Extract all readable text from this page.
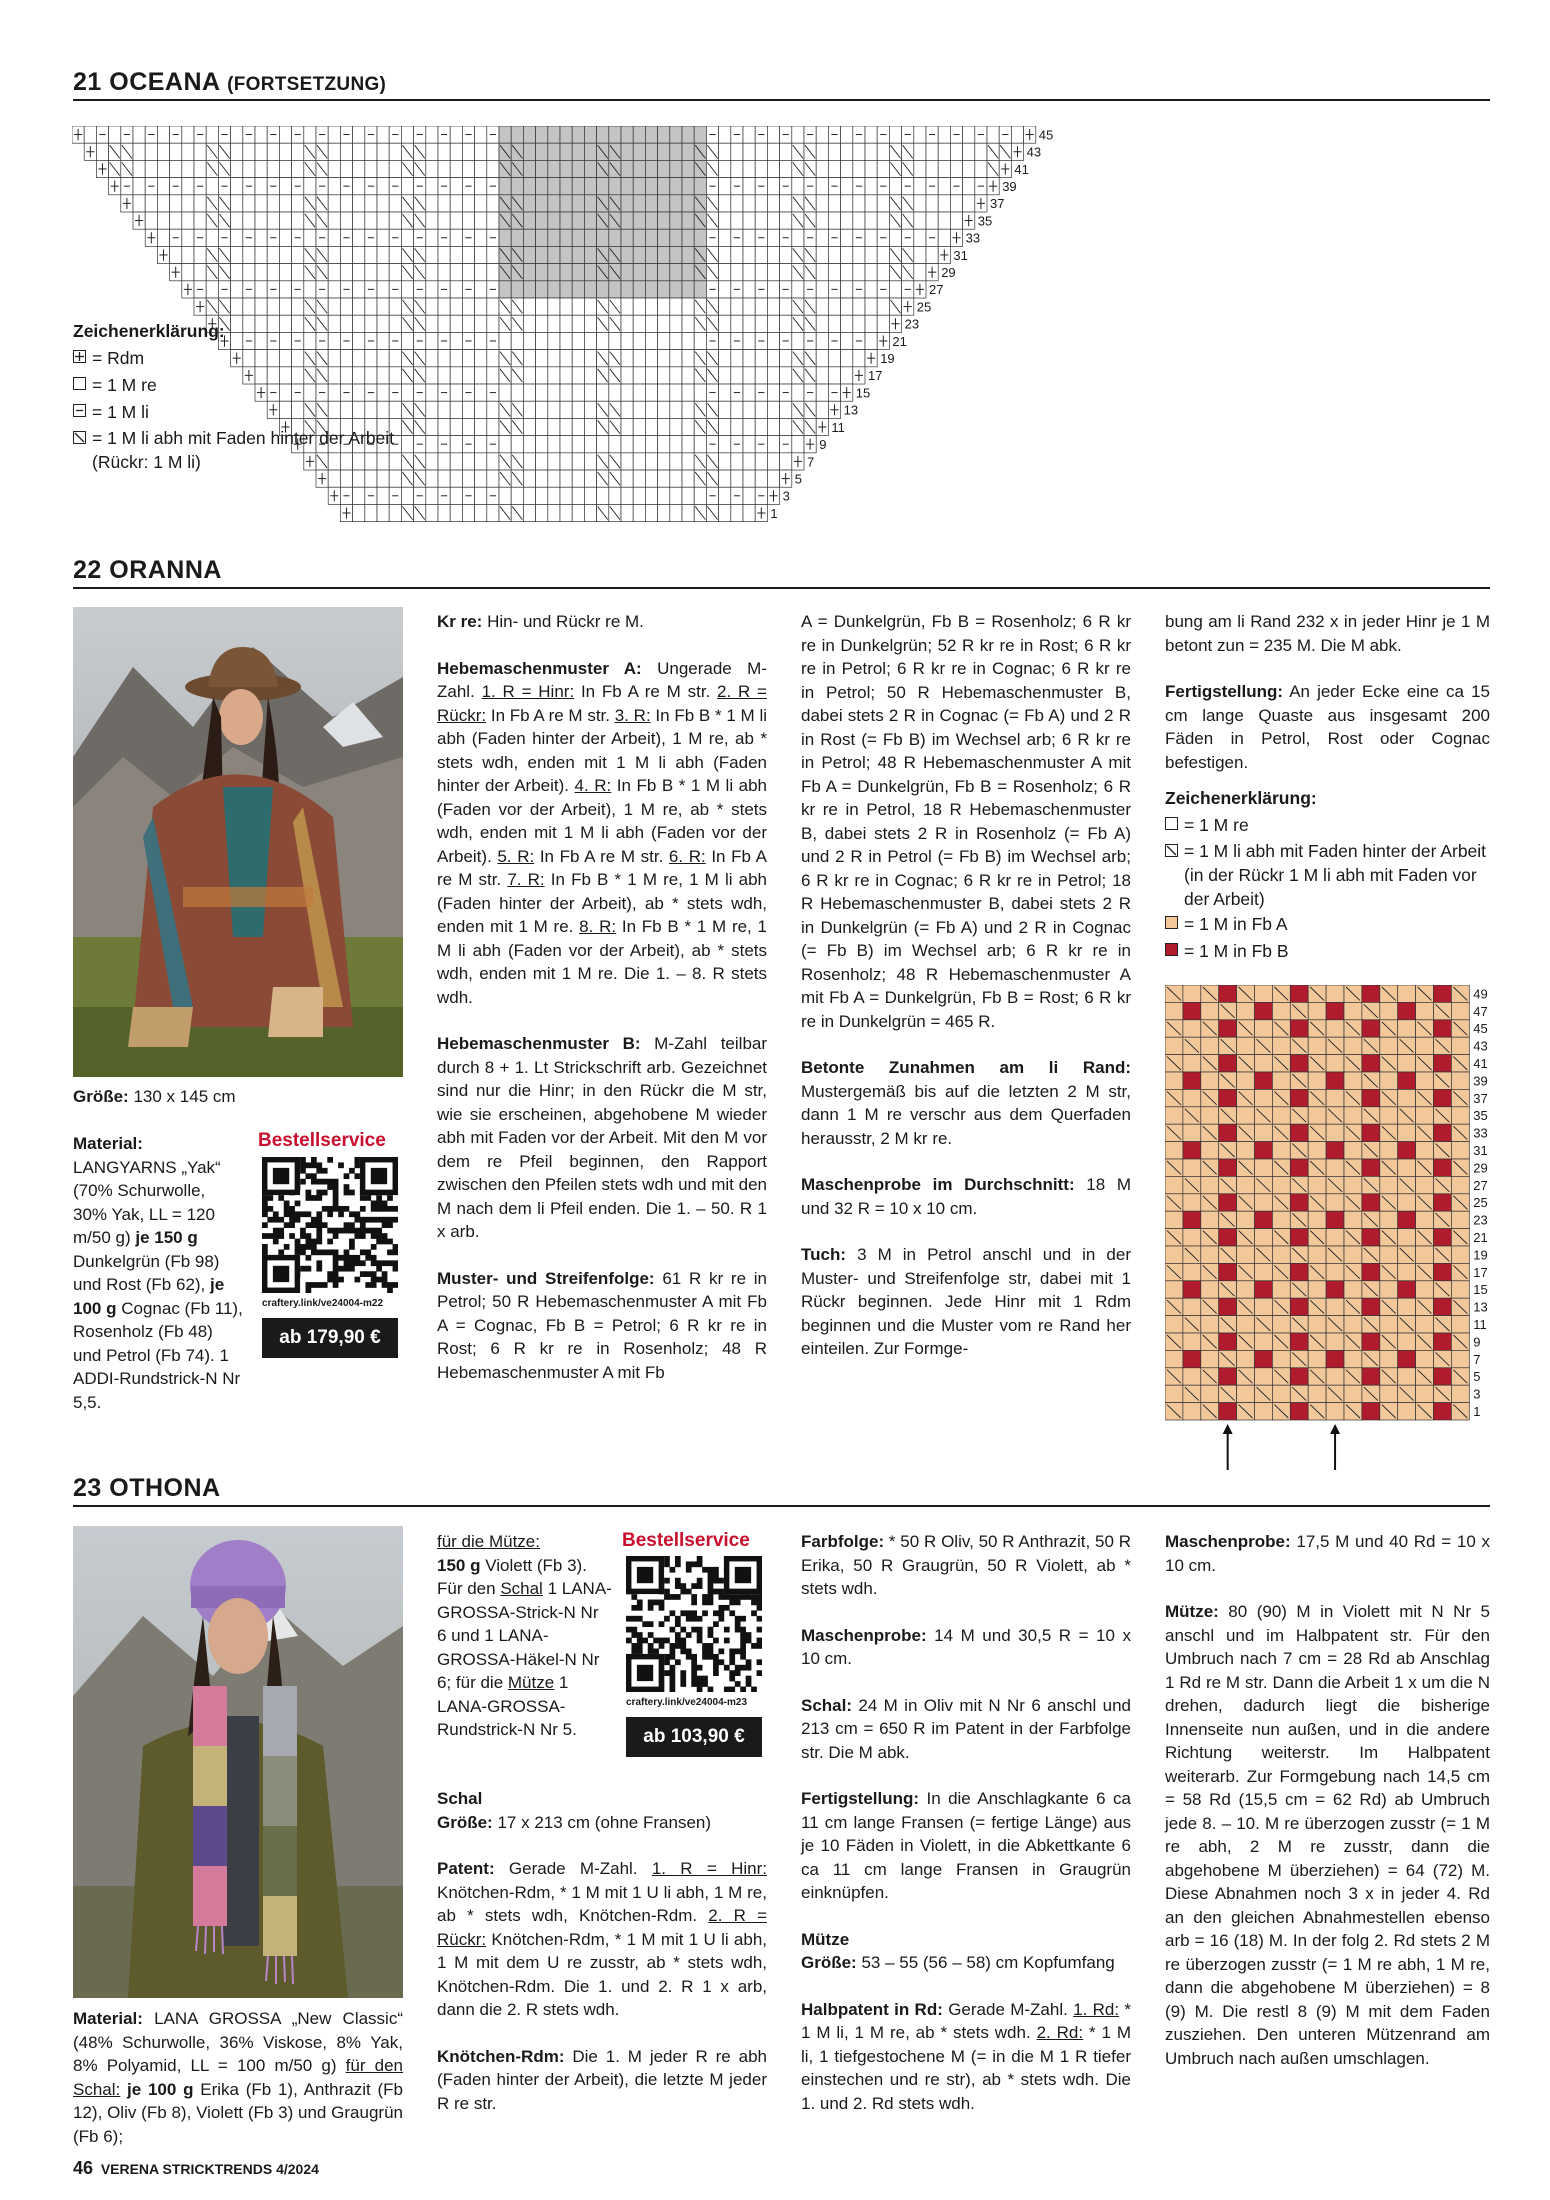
21 OCEANA (FORTSETZUNG)
45
43
41
39
37
35
33
31
29
27
25
23
21
19
17
15
13
11
9
7
5
3
1
Zeichenerklärung:
= Rdm
= 1 M re
= 1 M li
= 1 M li abh mit Faden hinter der Arbeit (Rückr: 1 M li)
22 ORANNA
Größe: 130 x 145 cm
Material:
LANGYARNS „Yak“ (70% Schurwolle, 30% Yak, LL = 120 m/50 g) je 150 g Dunkelgrün (Fb 98) und Rost (Fb 62), je 100 g Cognac (Fb 11), Rosenholz (Fb 48) und Petrol (Fb 74). 1 ADDI-Rundstrick-N Nr 5,5.
Bestellservice
craftery.link/ve24004-m22
ab 179,90 €

Kr re: Hin- und Rückr re M.

Hebemaschenmuster A: Ungerade M-Zahl. 1. R = Hinr: In Fb A re M str. 2. R = Rückr: In Fb A re M str. 3. R: In Fb B * 1 M li abh (Faden hinter der Arbeit), 1 M re, ab * stets wdh, enden mit 1 M li abh (Faden hinter der Arbeit). 4. R: In Fb B * 1 M li abh (Faden vor der Arbeit), 1 M re, ab * stets wdh, enden mit 1 M li abh (Faden vor der Arbeit). 5. R: In Fb A re M str. 6. R: In Fb A re M str. 7. R: In Fb B * 1 M re, 1 M li abh (Faden hinter der Arbeit), ab * stets wdh, enden mit 1 M re. 8. R: In Fb B * 1 M re, 1 M li abh (Faden vor der Arbeit), ab * stets wdh, enden mit 1 M re. Die 1. – 8. R stets wdh.

Hebemaschenmuster B: M-Zahl teilbar durch 8 + 1. Lt Strickschrift arb. Gezeichnet sind nur die Hinr; in den Rückr die M str, wie sie erscheinen, abgehobene M wieder abh mit Faden vor der Arbeit. Mit den M vor dem re Pfeil beginnen, den Rapport zwischen den Pfeilen stets wdh und mit den M nach dem li Pfeil enden. Die 1. – 50. R 1 x arb.

Muster- und Streifenfolge: 61 R kr re in Petrol; 50 R Hebemaschenmuster A mit Fb A = Cognac, Fb B = Petrol; 6 R kr re in Rost; 6 R kr re in Rosenholz; 48 R Hebemaschenmuster A mit Fb

A = Dunkelgrün, Fb B = Rosenholz; 6 R kr re in Dunkelgrün; 52 R kr re in Rost; 6 R kr re in Petrol; 6 R kr re in Cognac; 6 R kr re in Petrol; 50 R Hebemaschenmuster B, dabei stets 2 R in Cognac (= Fb A) und 2 R in Rost (= Fb B) im Wechsel arb; 6 R kr re in Petrol; 48 R Hebemaschenmuster A mit Fb A = Dunkelgrün, Fb B = Rosenholz; 6 R kr re in Petrol, 18 R Hebemaschenmuster B, dabei stets 2 R in Rosenholz (= Fb A) und 2 R in Petrol (= Fb B) im Wechsel arb; 6 R kr re in Cognac; 6 R kr re in Petrol; 18 R Hebemaschenmuster B, dabei stets 2 R in Dunkelgrün (= Fb A) und 2 R in Cognac (= Fb B) im Wechsel arb; 6 R kr re in Rosenholz; 48 R Hebemaschenmuster A mit Fb A = Dunkelgrün, Fb B = Rost; 6 R kr re in Dunkelgrün = 465 R.

Betonte Zunahmen am li Rand: Mustergemäß bis auf die letzten 2 M str, dann 1 M re verschr aus dem Querfaden herausstr, 2 M kr re.

Maschenprobe im Durchschnitt: 18 M und 32 R = 10 x 10 cm.

Tuch: 3 M in Petrol anschl und in der Muster- und Streifenfolge str, dabei mit 1 Rückr beginnen. Jede Hinr mit 1 Rdm beginnen und die Muster vom re Rand her einteilen. Zur Formge-

bung am li Rand 232 x in jeder Hinr je 1 M betont zun = 235 M. Die M abk.

Fertigstellung: An jeder Ecke eine ca 15 cm lange Quaste aus insgesamt 200 Fäden in Petrol, Rost oder Cognac befestigen.

Zeichenerklärung:
= 1 M re
= 1 M li abh mit Faden hinter der Arbeit (in der Rückr 1 M li abh mit Faden vor der Arbeit)
= 1 M in Fb A
= 1 M in Fb B
49
47
45
43
41
39
37
35
33
31
29
27
25
23
21
19
17
15
13
11
9
7
5
3
1
23 OTHONA
Material: LANA GROSSA „New Classic“ (48% Schurwolle, 36% Viskose, 8% Yak, 8% Polyamid, LL = 100 m/50 g) für den Schal: je 100 g Erika (Fb 1), Anthrazit (Fb 12), Oliv (Fb 8), Violett (Fb 3) und Graugrün (Fb 6);
für die Mütze:
150 g Violett (Fb 3). Für den Schal 1 LANA-GROSSA-Strick-N Nr 6 und 1 LANA-GROSSA-Häkel-N Nr 6; für die Mütze 1 LANA-GROSSA-Rundstrick-N Nr 5.
Bestellservice
craftery.link/ve24004-m23
ab 103,90 €

Schal
Größe: 17 x 213 cm (ohne Fransen)

Patent: Gerade M-Zahl. 1. R = Hinr: Knötchen-Rdm, * 1 M mit 1 U li abh, 1 M re, ab * stets wdh, Knötchen-Rdm. 2. R = Rückr: Knötchen-Rdm, * 1 M mit 1 U li abh, 1 M mit dem U re zusstr, ab * stets wdh, Knötchen-Rdm. Die 1. und 2. R 1 x arb, dann die 2. R stets wdh.

Knötchen-Rdm: Die 1. M jeder R re abh (Faden hinter der Arbeit), die letzte M jeder R re str.

Farbfolge: * 50 R Oliv, 50 R Anthrazit, 50 R Erika, 50 R Graugrün, 50 R Violett, ab * stets wdh.

Maschenprobe: 14 M und 30,5 R = 10 x 10 cm.

Schal: 24 M in Oliv mit N Nr 6 anschl und 213 cm = 650 R im Patent in der Farbfolge str. Die M abk.

Fertigstellung: In die Anschlagkante 6 ca 11 cm lange Fransen (= fertige Länge) aus je 10 Fäden in Violett, in die Abkettkante 6 ca 11 cm lange Fransen in Graugrün einknüpfen.

Mütze
Größe: 53 – 55 (56 – 58) cm Kopfumfang

Halbpatent in Rd: Gerade M-Zahl. 1. Rd: * 1 M li, 1 M re, ab * stets wdh. 2. Rd: * 1 M li, 1 tiefgestochene M (= in die M 1 R tiefer einstechen und re str), ab * stets wdh. Die 1. und 2. Rd stets wdh.

Maschenprobe: 17,5 M und 40 Rd = 10 x 10 cm.

Mütze: 80 (90) M in Violett mit N Nr 5 anschl und im Halbpatent str. Für den Umbruch nach 7 cm = 28 Rd ab Anschlag 1 Rd re M str. Dann die Arbeit 1 x um die N drehen, dadurch liegt die bisherige Innenseite nun außen, und in die andere Richtung weiterstr. Im Halbpatent weiterarb. Zur Formgebung nach 14,5 cm = 58 Rd (15,5 cm = 62 Rd) ab Umbruch jede 8. – 10. M re überzogen zusstr (= 1 M re abh, 2 M re zusstr, dann die abgehobene M überziehen) = 64 (72) M. Diese Abnahmen noch 3 x in jeder 4. Rd an den gleichen Abnahmestellen ebenso arb = 16 (18) M. In der folg 2. Rd stets 2 M re überzogen zusstr (= 1 M re abh, 1 M re, dann die abgehobene M überziehen) = 8 (9) M. Die restl 8 (9) M mit dem Faden zusziehen. Den unteren Mützenrand am Umbruch nach außen umschlagen.

46 VERENA STRICKTRENDS 4/2024
